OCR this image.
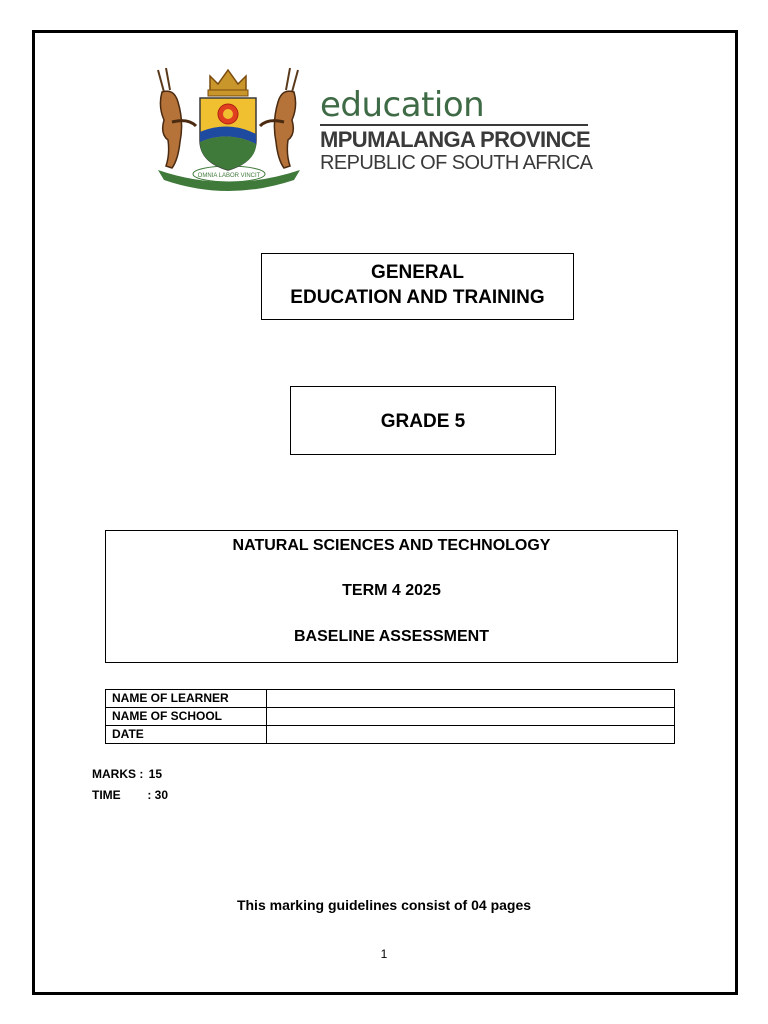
OMNIA LABOR VINCIT
education
MPUMALANGA PROVINCE
REPUBLIC OF SOUTH AFRICA
GENERAL
EDUCATION AND TRAINING
GRADE 5
NATURAL SCIENCES AND TECHNOLOGY
TERM 4 2025
BASELINE ASSESSMENT
NAME OF LEARNER	
NAME OF SCHOOL	
DATE	
MARKS : 15
TIME : 30
This marking guidelines consist of 04 pages
1
